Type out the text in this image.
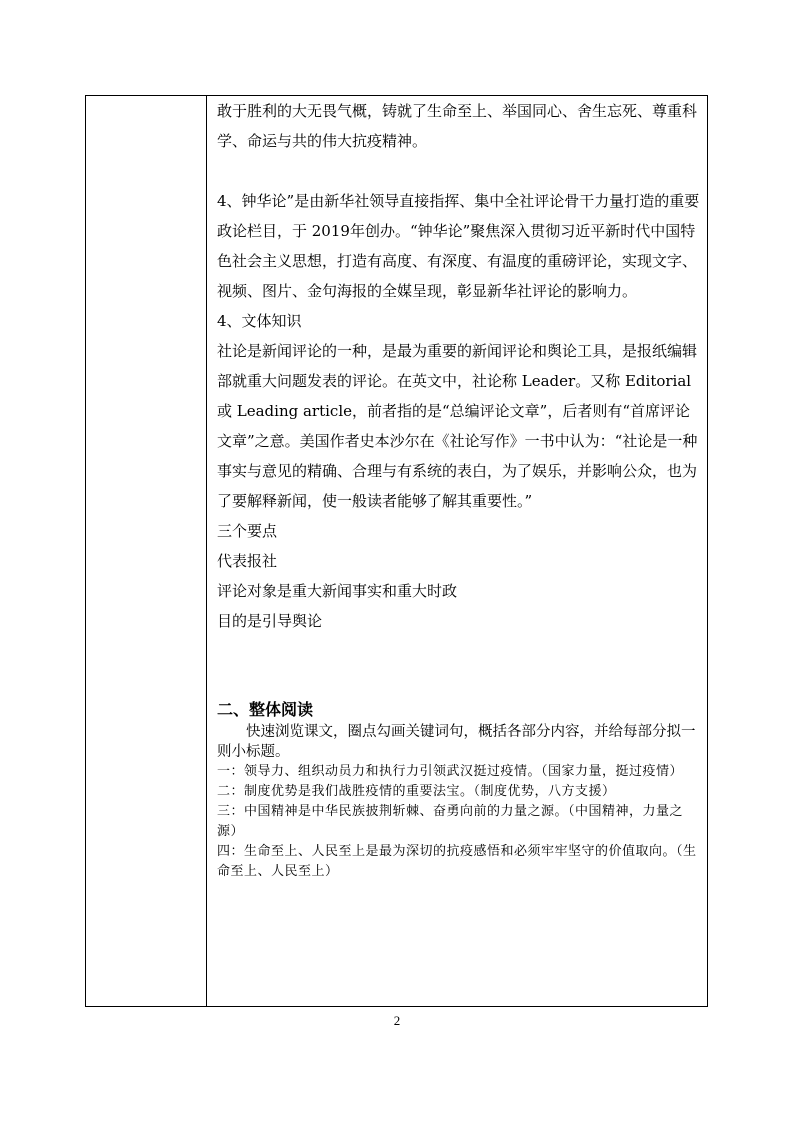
敢于胜利的大无畏气概，铸就了生命至上、举国同心、舍生忘死、尊重科学、命运与共的伟大抗疫精神。

4、钟华论”是由新华社领导直接指挥、集中全社评论骨干力量打造的重要政论栏目，于 2019年创办。“钟华论”聚焦深入贯彻习近平新时代中国特色社会主义思想，打造有高度、有深度、有温度的重磅评论，实现文字、视频、图片、金句海报的全媒呈现，彰显新华社评论的影响力。

4、文体知识

社论是新闻评论的一种，是最为重要的新闻评论和舆论工具，是报纸编辑部就重大问题发表的评论。在英文中，社论称 Leader。又称 Editorial或 Leading article，前者指的是“总编评论文章”，后者则有“首席评论文章”之意。美国作者史本沙尔在《社论写作》一书中认为：“社论是一种事实与意见的精确、合理与有系统的表白，为了娱乐，并影响公众，也为了要解释新闻，使一般读者能够了解其重要性。”

三个要点

代表报社

评论对象是重大新闻事实和重大时政

目的是引导舆论

二、整体阅读

快速浏览课文，圈点勾画关键词句，概括各部分内容，并给每部分拟一则小标题。

一：领导力、组织动员力和执行力引领武汉挺过疫情。（国家力量，挺过疫情）

二：制度优势是我们战胜疫情的重要法宝。（制度优势，八方支援）

三：中国精神是中华民族披荆斩棘、奋勇向前的力量之源。（中国精神，力量之源）

四：生命至上、人民至上是最为深切的抗疫感悟和必须牢牢坚守的价值取向。（生命至上、人民至上）

2
